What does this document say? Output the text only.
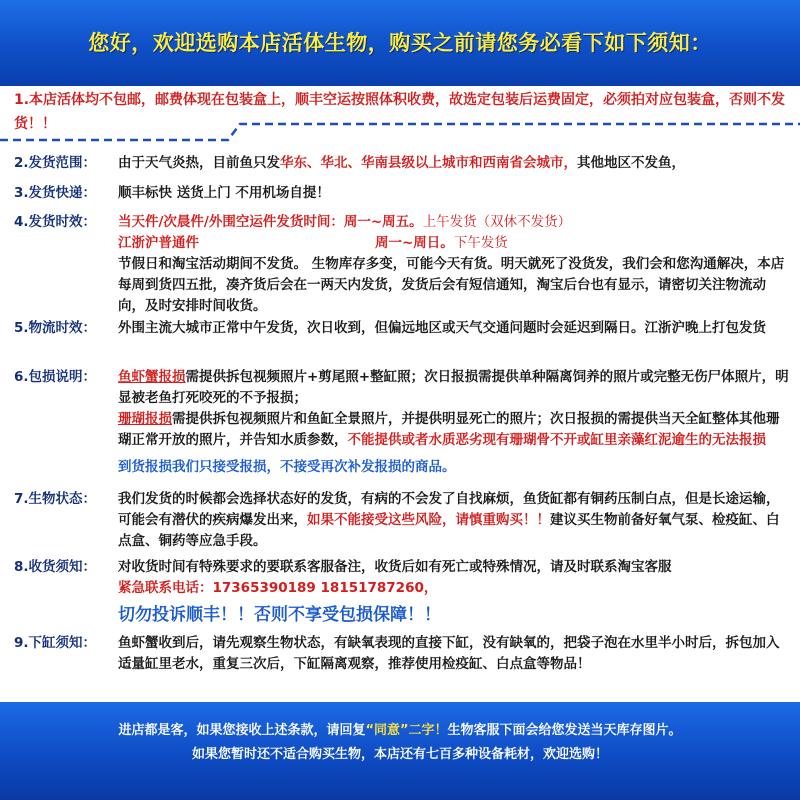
您好，欢迎选购本店活体生物，购买之前请您务必看下如下须知：
1.本店活体均不包邮，邮费体现在包装盒上，顺丰空运按照体积收费，故选定包装后运费固定，必须拍对应包装盒，否则不发货！！
2.发货范围：	由于天气炎热，目前鱼只发华东、华北、华南县级以上城市和西南省会城市，其他地区不发鱼，
3.发货快递：	顺丰标快 送货上门 不用机场自提！
4.发货时效：	当天件/次晨件/外围空运件发货时间：周一~周五。上午发货（双休不发货）
江浙沪普通件	周一~周日。下午发货
节假日和淘宝活动期间不发货。 生物库存多变，可能今天有货。明天就死了没货发，我们会和您沟通解决，本店每周到货四五批，凑齐货后会在一两天内发货，发货后会有短信通知，淘宝后台也有显示，请密切关注物流动向，及时安排时间收货。
5.物流时效：	外围主流大城市正常中午发货，次日收到，但偏远地区或天气交通问题时会延迟到隔日。江浙沪晚上打包发货
6.包损说明：	鱼虾蟹报损需提供拆包视频照片+剪尾照+整缸照；次日报损需提供单种隔离饲养的照片或完整无伤尸体照片，明显被老鱼打死咬死的不予报损；
珊瑚报损需提供拆包视频照片和鱼缸全景照片，并提供明显死亡的照片；次日报损的需提供当天全缸整体其他珊瑚正常开放的照片，并告知水质参数，不能提供或者水质恶劣现有珊瑚骨不开或缸里亲藻红泥逾生的无法报损
到货报损我们只接受报损，不接受再次补发报损的商品。
7.生物状态：	我们发货的时候都会选择状态好的发货，有病的不会发了自找麻烦，鱼货缸都有铜药压制白点，但是长途运输，可能会有潜伏的疾病爆发出来，如果不能接受这些风险，请慎重购买！！建议买生物前备好氧气泵、检疫缸、白点盒、铜药等应急手段。
8.收货须知：	对收货时间有特殊要求的要联系客服备注，收货后如有死亡或特殊情况，请及时联系淘宝客服
紧急联系电话：17365390189 18151787260，
切勿投诉顺丰！！否则不享受包损保障！！
9.下缸须知：	鱼虾蟹收到后，请先观察生物状态，有缺氧表现的直接下缸，没有缺氧的，把袋子泡在水里半小时后，拆包加入适量缸里老水，重复三次后，下缸隔离观察，推荐使用检疫缸、白点盒等物品！
进店都是客，如果您接收上述条款，请回复“同意”二字！生物客服下面会给您发送当天库存图片。
如果您暂时还不适合购买生物，本店还有七百多种设备耗材，欢迎选购！
